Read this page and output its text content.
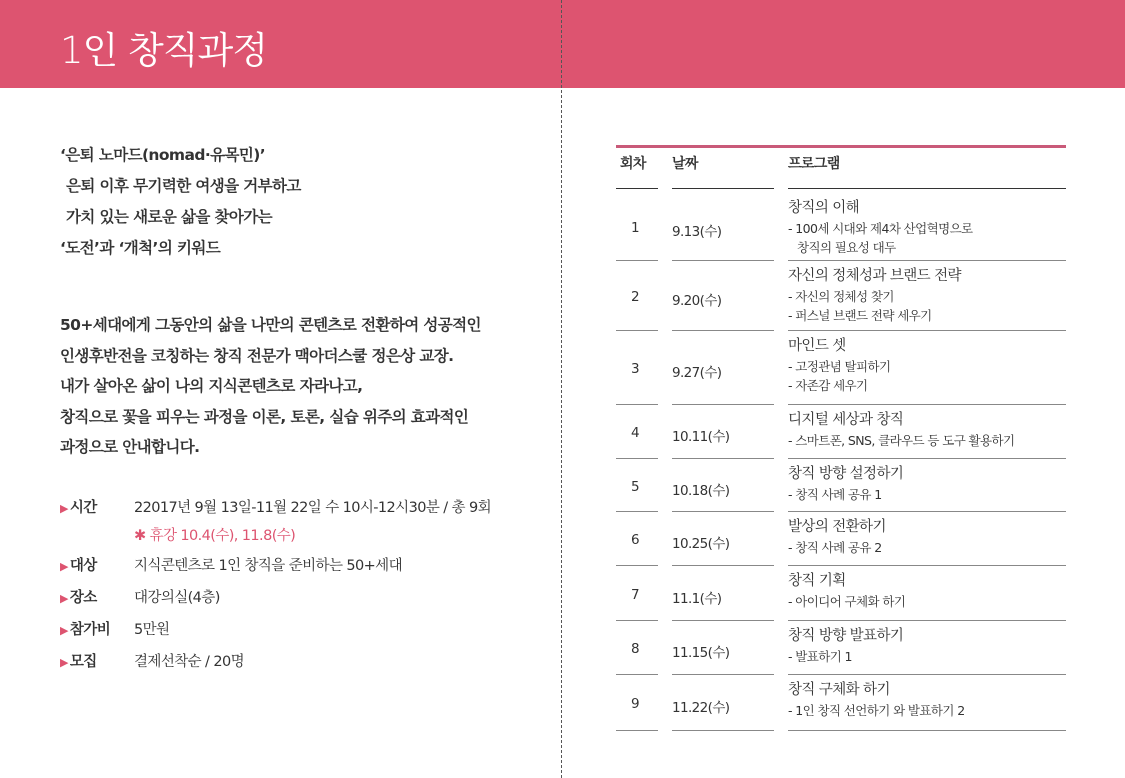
1인 창직과정
‘은퇴 노마드(nomad·유목민)’
은퇴 이후 무기력한 여생을 거부하고
가치 있는 새로운 삶을 찾아가는
‘도전’과 ‘개척’의 키워드
50+세대에게 그동안의 삶을 나만의 콘텐츠로 전환하여 성공적인
인생후반전을 코칭하는 창직 전문가 맥아더스쿨 정은상 교장.
내가 살아온 삶이 나의 지식콘텐츠로 자라나고,
창직으로 꽃을 피우는 과정을 이론, 토론, 실습 위주의 효과적인
과정으로 안내합니다.
▶ 시간	22017년 9월 13일-11월 22일 수 10시-12시30분 / 총 9회
✱ 휴강 10.4(수), 11.8(수)
▶ 대상	지식콘텐츠로 1인 창직을 준비하는 50+세대
▶ 장소	대강의실(4층)
▶ 참가비 5만원
▶ 모집	결제선착순 / 20명
회차 날짜	프로그램
1 9.13(수)
창직의 이해
- 100세 시대와 제4차 산업혁명으로
창직의 필요성 대두
2 9.20(수)
자신의 정체성과 브랜드 전략
- 자신의 정체성 찾기
- 퍼스널 브랜드 전략 세우기
3 9.27(수)
마인드 셋
- 고정관념 탈피하기
- 자존감 세우기
4 10.11(수)
디지털 세상과 창직
- 스마트폰, SNS, 클라우드 등 도구 활용하기
5 10.18(수)
창직 방향 설정하기
- 창직 사례 공유 1
6 10.25(수)
발상의 전환하기
- 창직 사례 공유 2
7 11.1(수)
창직 기획
- 아이디어 구체화 하기
8 11.15(수)
창직 방향 발표하기
- 발표하기 1
9 11.22(수)
창직 구체화 하기
- 1인 창직 선언하기 와 발표하기 2
